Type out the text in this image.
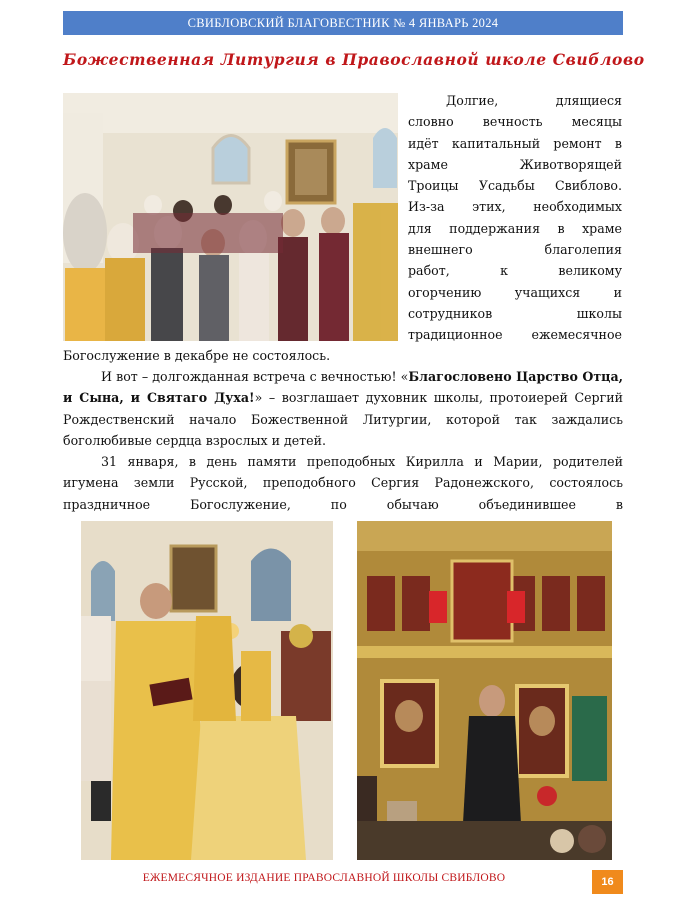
СВИБЛОВСКИЙ БЛАГОВЕСТНИК № 4 ЯНВАРЬ 2024
Божественная Литургия в Православной школе Свиблово
Долгие, длящиеся
словно вечность месяцы
идёт капитальный ремонт в
храме Животворящей
Троицы Усадьбы Свиблово.
Из-за этих, необходимых
для поддержания в храме
внешнего благолепия
работ, к великому
огорчению учащихся и
сотрудников школы
традиционное ежемесячное
Богослужение в декабре не состоялось.

И вот – долгожданная встреча с вечностью! «Благословено Царство Отца, и Сына, и Святаго Духа!» – возглашает духовник школы, протоиерей Сергий Рождественский начало Божественной Литургии, которой так заждались боголюбивые сердца взрослых и детей.

31 января, в день памяти преподобных Кирилла и Марии, родителей игумена земли Русской, преподобного Сергия Радонежского, состоялось праздничное Богослужение, по обычаю объединившее в

ЕЖЕМЕСЯЧНОЕ ИЗДАНИЕ ПРАВОСЛАВНОЙ ШКОЛЫ СВИБЛОВО	16
